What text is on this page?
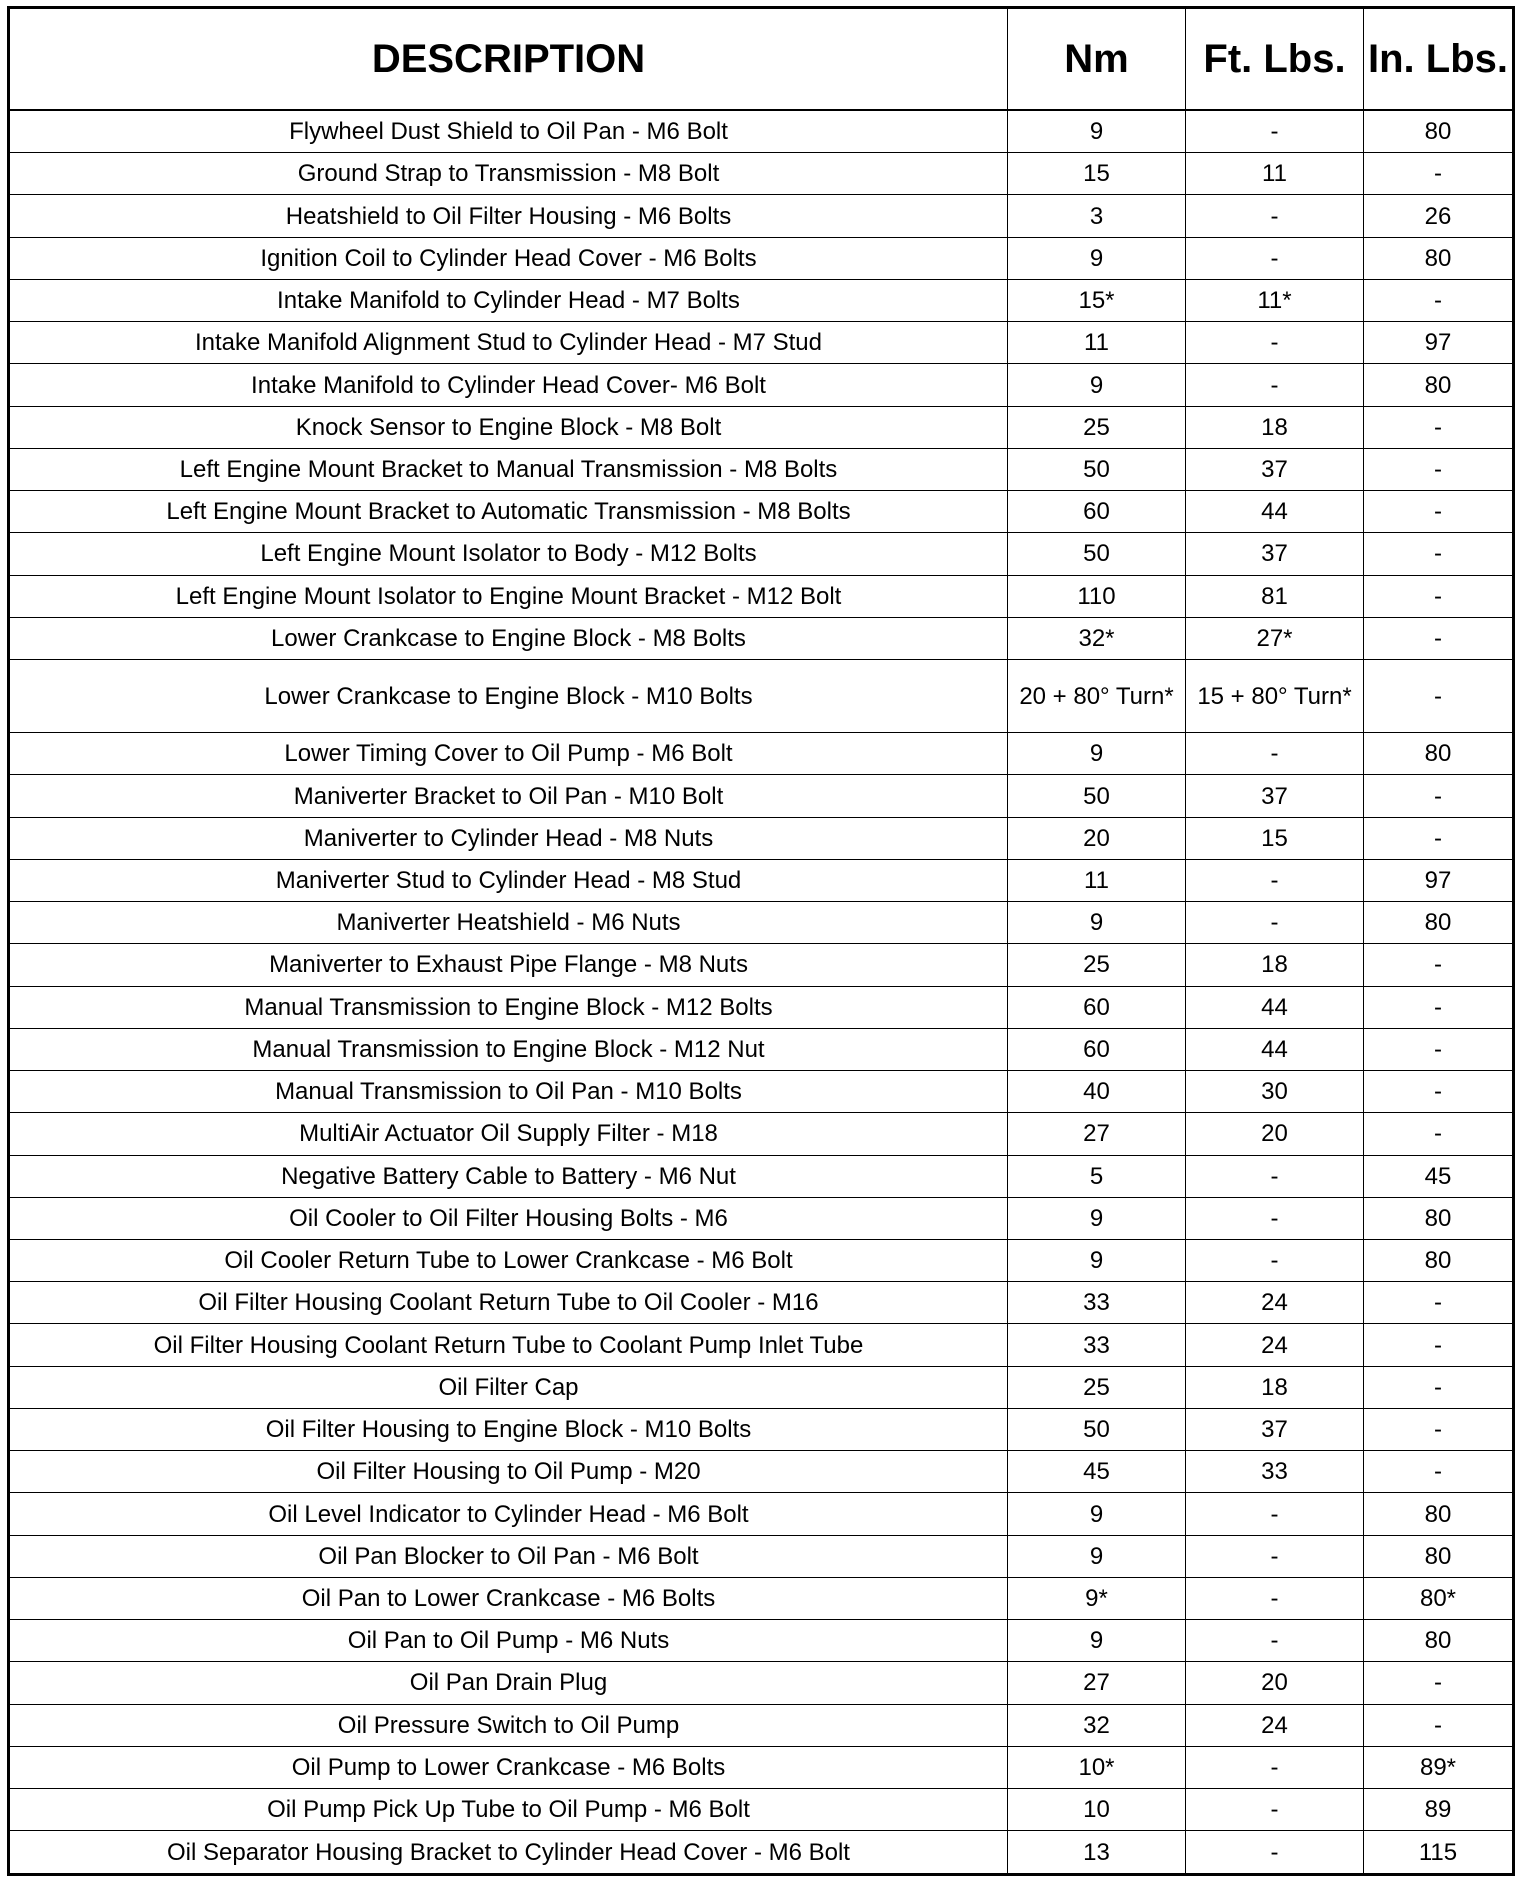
DESCRIPTION	Nm	Ft. Lbs.	In. Lbs.
Flywheel Dust Shield to Oil Pan - M6 Bolt	9	-	80
Ground Strap to Transmission - M8 Bolt	15	11	-
Heatshield to Oil Filter Housing - M6 Bolts	3	-	26
Ignition Coil to Cylinder Head Cover - M6 Bolts	9	-	80
Intake Manifold to Cylinder Head - M7 Bolts	15*	11*	-
Intake Manifold Alignment Stud to Cylinder Head - M7 Stud	11	-	97
Intake Manifold to Cylinder Head Cover- M6 Bolt	9	-	80
Knock Sensor to Engine Block - M8 Bolt	25	18	-
Left Engine Mount Bracket to Manual Transmission - M8 Bolts	50	37	-
Left Engine Mount Bracket to Automatic Transmission - M8 Bolts	60	44	-
Left Engine Mount Isolator to Body - M12 Bolts	50	37	-
Left Engine Mount Isolator to Engine Mount Bracket - M12 Bolt	110	81	-
Lower Crankcase to Engine Block - M8 Bolts	32*	27*	-
Lower Crankcase to Engine Block - M10 Bolts	20 + 80° Turn*	15 + 80° Turn*	-
Lower Timing Cover to Oil Pump - M6 Bolt	9	-	80
Maniverter Bracket to Oil Pan - M10 Bolt	50	37	-
Maniverter to Cylinder Head - M8 Nuts	20	15	-
Maniverter Stud to Cylinder Head - M8 Stud	11	-	97
Maniverter Heatshield - M6 Nuts	9	-	80
Maniverter to Exhaust Pipe Flange - M8 Nuts	25	18	-
Manual Transmission to Engine Block - M12 Bolts	60	44	-
Manual Transmission to Engine Block - M12 Nut	60	44	-
Manual Transmission to Oil Pan - M10 Bolts	40	30	-
MultiAir Actuator Oil Supply Filter - M18	27	20	-
Negative Battery Cable to Battery - M6 Nut	5	-	45
Oil Cooler to Oil Filter Housing Bolts - M6	9	-	80
Oil Cooler Return Tube to Lower Crankcase - M6 Bolt	9	-	80
Oil Filter Housing Coolant Return Tube to Oil Cooler - M16	33	24	-
Oil Filter Housing Coolant Return Tube to Coolant Pump Inlet Tube	33	24	-
Oil Filter Cap	25	18	-
Oil Filter Housing to Engine Block - M10 Bolts	50	37	-
Oil Filter Housing to Oil Pump - M20	45	33	-
Oil Level Indicator to Cylinder Head - M6 Bolt	9	-	80
Oil Pan Blocker to Oil Pan - M6 Bolt	9	-	80
Oil Pan to Lower Crankcase - M6 Bolts	9*	-	80*
Oil Pan to Oil Pump - M6 Nuts	9	-	80
Oil Pan Drain Plug	27	20	-
Oil Pressure Switch to Oil Pump	32	24	-
Oil Pump to Lower Crankcase - M6 Bolts	10*	-	89*
Oil Pump Pick Up Tube to Oil Pump - M6 Bolt	10	-	89
Oil Separator Housing Bracket to Cylinder Head Cover - M6 Bolt	13	-	115
